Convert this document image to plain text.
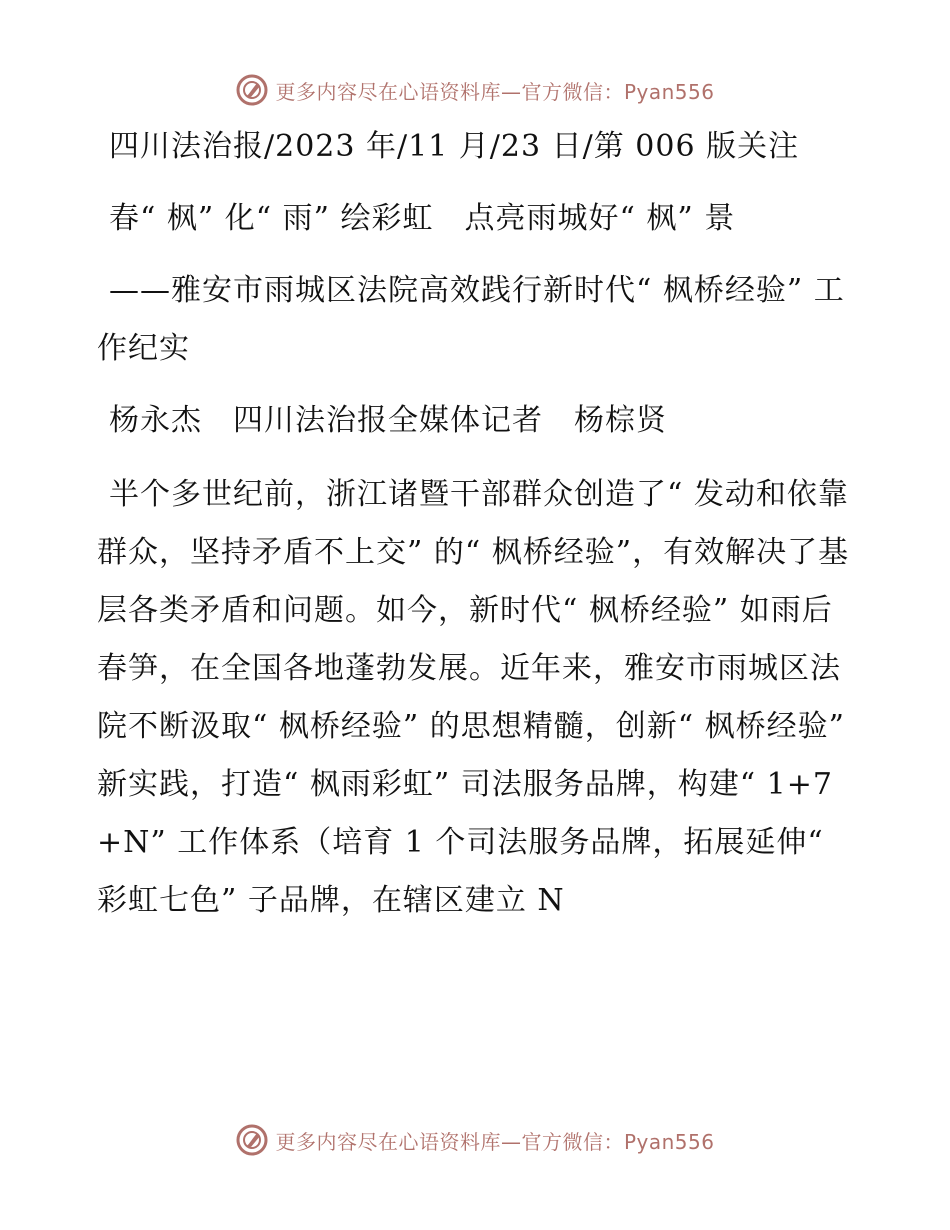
更多内容尽在心语资料库—官方微信：Pyan556

四川法治报/2023 年/11 月/23 日/第 006 版关注

春“ 枫” 化“ 雨” 绘彩虹　点亮雨城好“ 枫” 景

——雅安市雨城区法院高效践行新时代“ 枫桥经验” 工作纪实

杨永杰　四川法治报全媒体记者　杨棕贤

半个多世纪前，浙江诸暨干部群众创造了“ 发动和依靠群众，坚持矛盾不上交” 的“ 枫桥经验”，有效解决了基层各类矛盾和问题。如今，新时代“ 枫桥经验” 如雨后春笋，在全国各地蓬勃发展。近年来，雅安市雨城区法院不断汲取“ 枫桥经验” 的思想精髓，创新“ 枫桥经验” 新实践，打造“ 枫雨彩虹” 司法服务品牌，构建“ 1+7+N” 工作体系（培育 1 个司法服务品牌，拓展延伸“ 彩虹七色” 子品牌，在辖区建立 N

更多内容尽在心语资料库—官方微信：Pyan556
